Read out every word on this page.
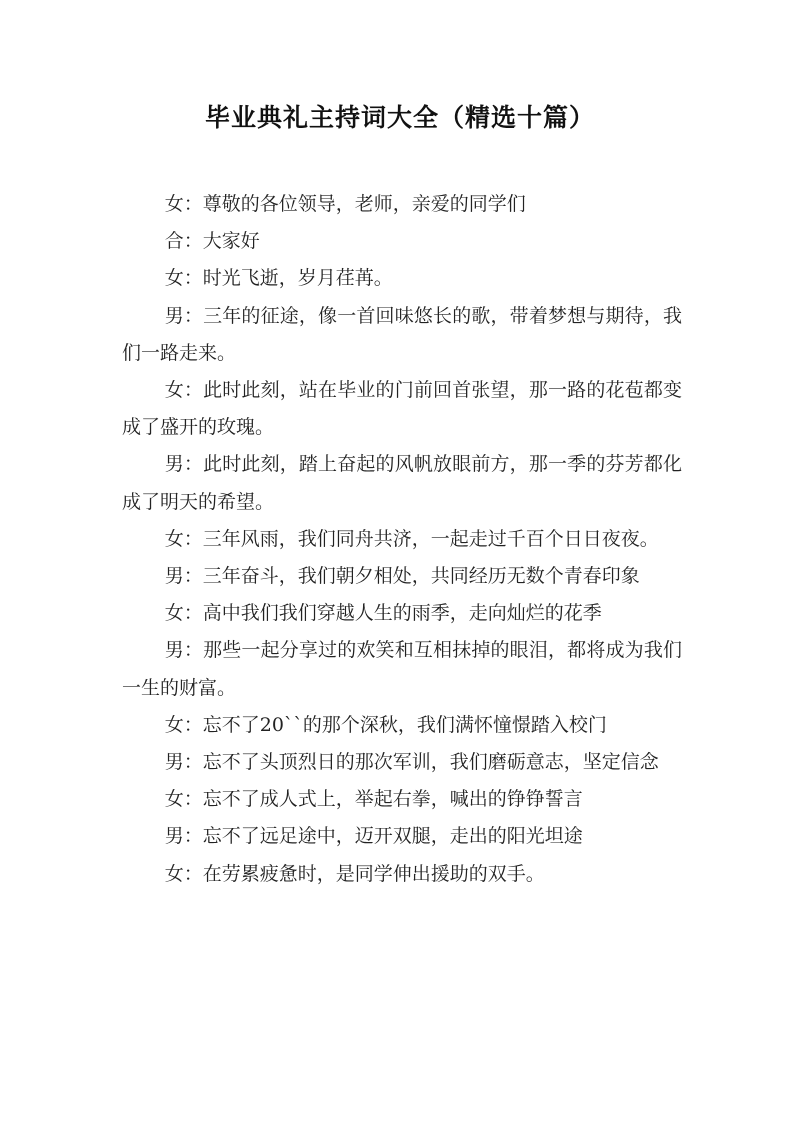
毕业典礼主持词大全（精选十篇）

女：尊敬的各位领导，老师，亲爱的同学们

合：大家好

女：时光飞逝，岁月荏苒。

男：三年的征途，像一首回味悠长的歌，带着梦想与期待，我们一路走来。

女：此时此刻，站在毕业的门前回首张望，那一路的花苞都变成了盛开的玫瑰。

男：此时此刻，踏上奋起的风帆放眼前方，那一季的芬芳都化成了明天的希望。

女：三年风雨，我们同舟共济，一起走过千百个日日夜夜。

男：三年奋斗，我们朝夕相处，共同经历无数个青春印象

女：高中我们我们穿越人生的雨季，走向灿烂的花季

男：那些一起分享过的欢笑和互相抹掉的眼泪，都将成为我们一生的财富。

女：忘不了20``的那个深秋，我们满怀憧憬踏入校门

男：忘不了头顶烈日的那次军训，我们磨砺意志，坚定信念

女：忘不了成人式上，举起右拳，喊出的铮铮誓言

男：忘不了远足途中，迈开双腿，走出的阳光坦途

女：在劳累疲惫时，是同学伸出援助的双手。
